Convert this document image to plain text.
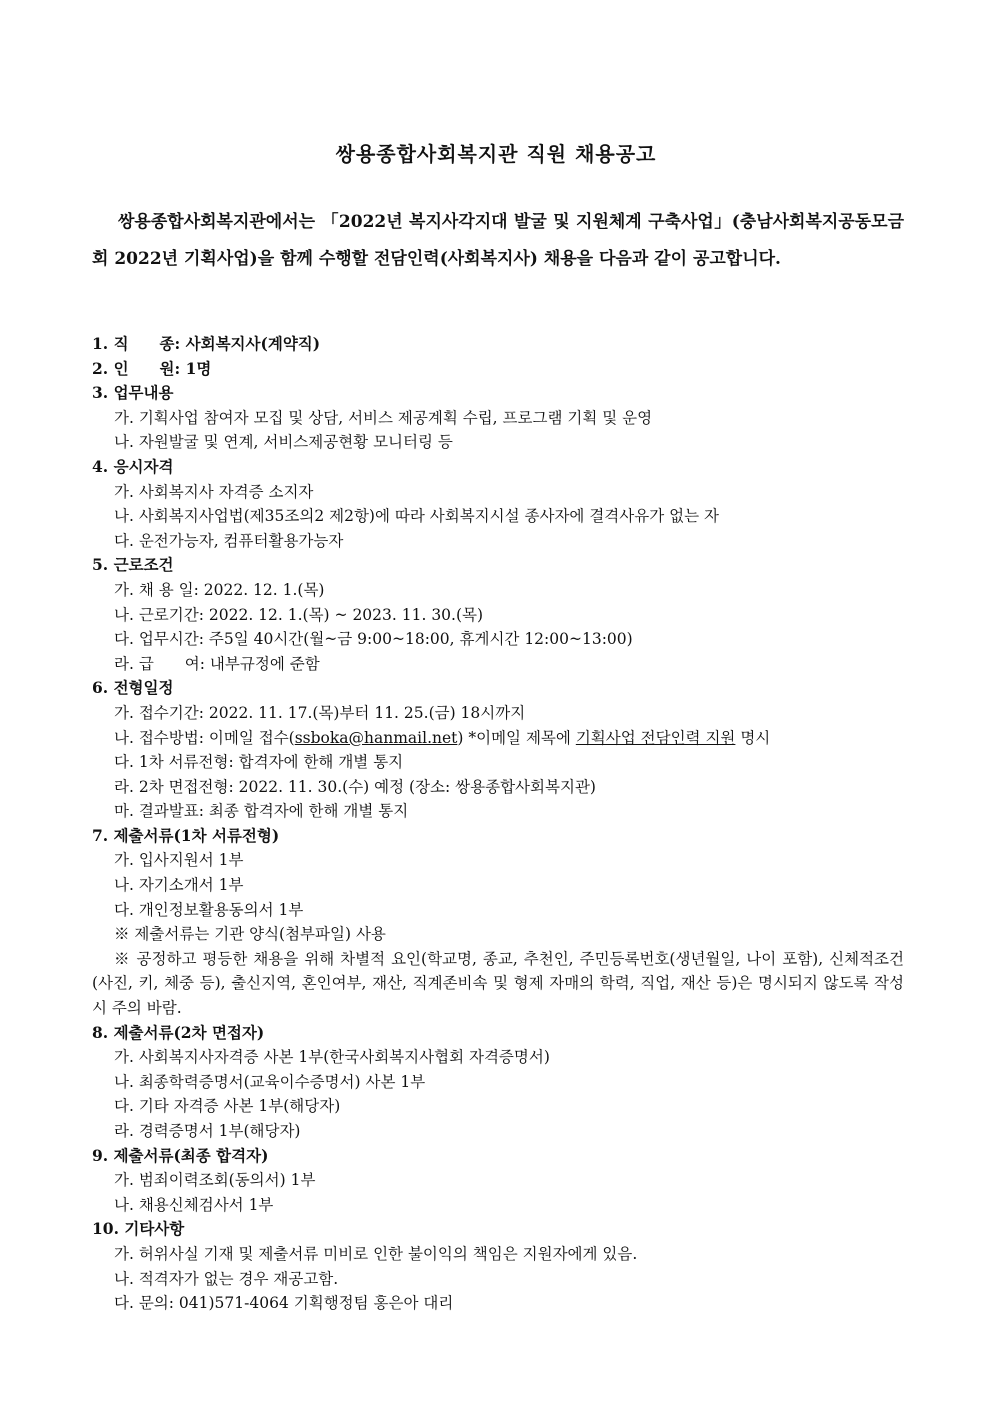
쌍용종합사회복지관 직원 채용공고
쌍용종합사회복지관에서는 「2022년 복지사각지대 발굴 및 지원체계 구축사업」(충남사회복지공동모금회 2022년 기획사업)을 함께 수행할 전담인력(사회복지사) 채용을 다음과 같이 공고합니다.
1. 직　　종: 사회복지사(계약직)
2. 인　　원: 1명
3. 업무내용
가. 기획사업 참여자 모집 및 상담, 서비스 제공계획 수립, 프로그램 기획 및 운영
나. 자원발굴 및 연계, 서비스제공현황 모니터링 등
4. 응시자격
가. 사회복지사 자격증 소지자
나. 사회복지사업법(제35조의2 제2항)에 따라 사회복지시설 종사자에 결격사유가 없는 자
다. 운전가능자, 컴퓨터활용가능자
5. 근로조건
가. 채 용 일: 2022. 12. 1.(목)
나. 근로기간: 2022. 12. 1.(목) ~ 2023. 11. 30.(목)
다. 업무시간: 주5일 40시간(월~금 9:00~18:00, 휴게시간 12:00~13:00)
라. 급　　여: 내부규정에 준함
6. 전형일정
가. 접수기간: 2022. 11. 17.(목)부터 11. 25.(금) 18시까지
나. 접수방법: 이메일 접수(ssboka@hanmail.net) *이메일 제목에 기획사업 전담인력 지원 명시
다. 1차 서류전형: 합격자에 한해 개별 통지
라. 2차 면접전형: 2022. 11. 30.(수) 예정 (장소: 쌍용종합사회복지관)
마. 결과발표: 최종 합격자에 한해 개별 통지
7. 제출서류(1차 서류전형)
가. 입사지원서 1부
나. 자기소개서 1부
다. 개인정보활용동의서 1부
※ 제출서류는 기관 양식(첨부파일) 사용
※ 공정하고 평등한 채용을 위해 차별적 요인(학교명, 종교, 추천인, 주민등록번호(생년월일, 나이 포함), 신체적조건(사진, 키, 체중 등), 출신지역, 혼인여부, 재산, 직계존비속 및 형제 자매의 학력, 직업, 재산 등)은 명시되지 않도록 작성 시 주의 바람.
8. 제출서류(2차 면접자)
가. 사회복지사자격증 사본 1부(한국사회복지사협회 자격증명서)
나. 최종학력증명서(교육이수증명서) 사본 1부
다. 기타 자격증 사본 1부(해당자)
라. 경력증명서 1부(해당자)
9. 제출서류(최종 합격자)
가. 범죄이력조회(동의서) 1부
나. 채용신체검사서 1부
10. 기타사항
가. 허위사실 기재 및 제출서류 미비로 인한 불이익의 책임은 지원자에게 있음.
나. 적격자가 없는 경우 재공고함.
다. 문의: 041)571-4064 기획행정팀 홍은아 대리
